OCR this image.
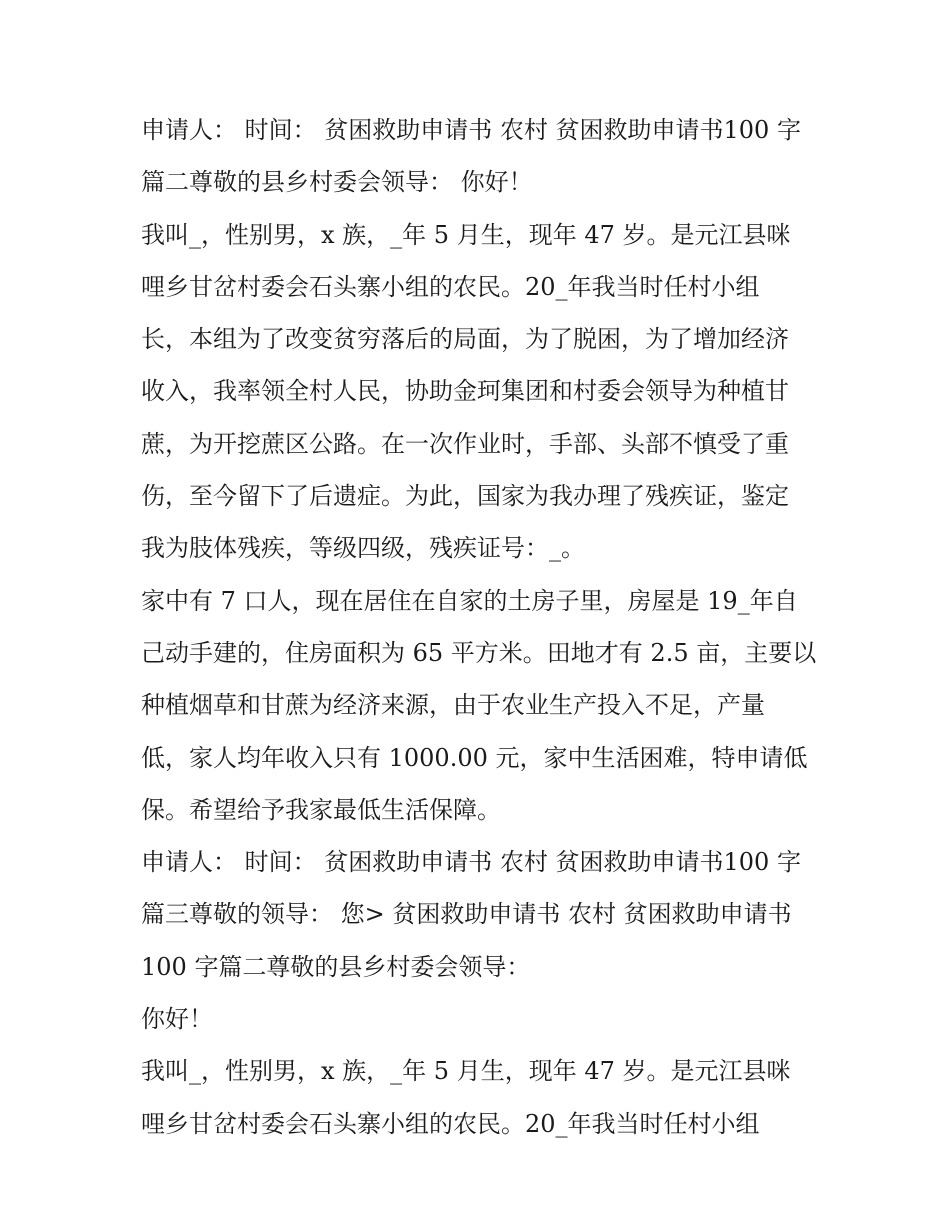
申请人： 时间： 贫困救助申请书 农村 贫困救助申请书100 字
篇二尊敬的县乡村委会领导： 你好！
我叫_，性别男，x 族，_年 5 月生，现年 47 岁。是元江县咪
哩乡甘岔村委会石头寨小组的农民。20_年我当时任村小组
长，本组为了改变贫穷落后的局面，为了脱困，为了增加经济
收入，我率领全村人民，协助金珂集团和村委会领导为种植甘
蔗，为开挖蔗区公路。在一次作业时，手部、头部不慎受了重
伤，至今留下了后遗症。为此，国家为我办理了残疾证，鉴定
我为肢体残疾，等级四级，残疾证号：_。
家中有 7 口人，现在居住在自家的土房子里，房屋是 19_年自
己动手建的，住房面积为 65 平方米。田地才有 2.5 亩，主要以
种植烟草和甘蔗为经济来源，由于农业生产投入不足，产量
低，家人均年收入只有 1000.00 元，家中生活困难，特申请低
保。希望给予我家最低生活保障。
申请人： 时间： 贫困救助申请书 农村 贫困救助申请书100 字
篇三尊敬的领导： 您> 贫困救助申请书 农村 贫困救助申请书
100 字篇二尊敬的县乡村委会领导：
你好！
我叫_，性别男，x 族，_年 5 月生，现年 47 岁。是元江县咪
哩乡甘岔村委会石头寨小组的农民。20_年我当时任村小组
